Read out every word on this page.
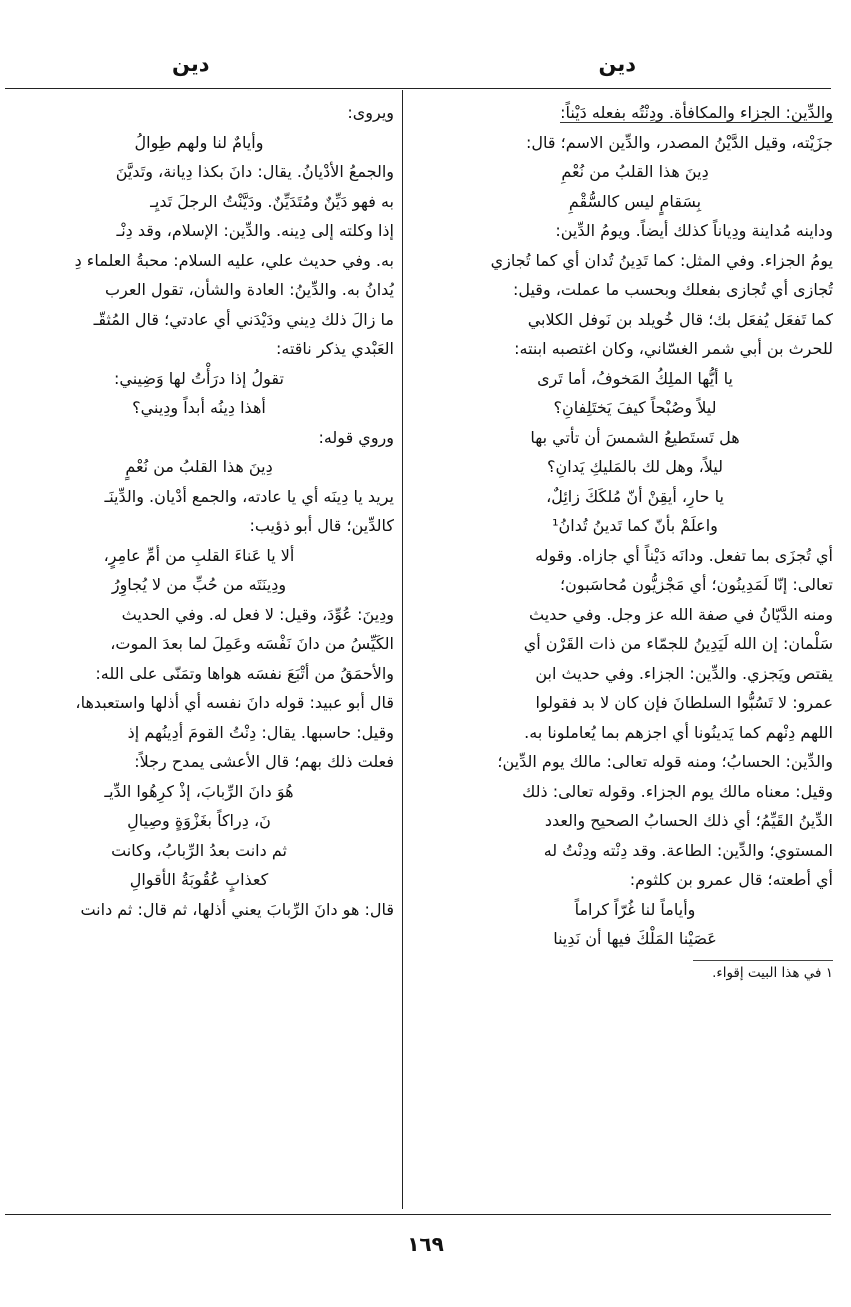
دين
دين

والدِّين: الجزاء والمكافأة. ودِنْتُه بفعله دَيْناً:

جزَيْته، وقيل الدَّيْنُ المصدر، والدِّين الاسم؛ قال:

دِينَ هذا القلبُ من نُعْمِ

بِسَقامٍ ليس كالسُّقْمِ

وداينه مُداينة ودِياناً كذلك أيضاً. ويومُ الدِّين:

يومُ الجزاء. وفي المثل: كما تَدِينُ تُدان أي كما تُجازي

تُجازى أي تُجازى بفعلك وبحسب ما عملت، وقيل:

كما تَفعَل يُفعَل بك؛ قال خُويلد بن نَوفل الكلابي

للحرث بن أبي شمر الغسّاني، وكان اغتصبه ابنته:

يا أيُّها الملِكُ المَخوفُ، أما تَرى

ليلاً وصُبْحاً كيفَ يَختَلِفانِ؟

هل تَستَطيعُ الشمسَ أن تأتي بها

ليلاً، وهل لك بالمَليكِ يَدانِ؟

يا حارِ، أيقِنْ أنّ مُلكَكَ زائِلٌ،

واعلَمْ بأنّ كما تَدينُ تُدانُ¹

أي تُجزَى بما تفعل. ودانَه دَيْناً أي جازاه. وقوله

تعالى: إنّا لَمَدِينُون؛ أي مَجْزيُّون مُحاسَبون؛

ومنه الدَّيّانُ في صفة الله عز وجل. وفي حديث

سَلْمان: إن الله لَيَدِينُ للجمّاء من ذات القَرْن أي

يقتص ويَجزي. والدِّين: الجزاء. وفي حديث ابن

عمرو: لا تَسُبُّوا السلطانَ فإن كان لا بد فقولوا

اللهم دِنْهم كما يَدينُونا أي اجزهم بما يُعاملونا به.

والدِّين: الحسابُ؛ ومنه قوله تعالى: مالك يوم الدِّين؛

وقيل: معناه مالك يوم الجزاء. وقوله تعالى: ذلك

الدِّينُ القَيِّمُ؛ أي ذلك الحسابُ الصحيح والعدد

المستوي؛ والدِّين: الطاعة. وقد دِنْته ودِنْتُ له

أي أطعته؛ قال عمرو بن كلثوم:

وأياماً لنا غُرّاً كراماً

عَصَيْنا المَلْكَ فيها أن نَدِينا

١ في هذا البيت إقواء.

ويروى:

وأيامٌ لنا ولهم طِوالُ

والجمعُ الأدْيانُ. يقال: دانَ بكذا دِيانة، وتَديَّنَ

به فهو دَيِّنٌ ومُتَدَيِّنٌ. ودَيَّنْتُ الرجلَ تَديِـ

إذا وكلته إلى دِينه. والدِّين: الإسلام، وقد دِنْـ

به. وفي حديث علي، عليه السلام: محبةُ العلماء دِ

يُدانُ به. والدِّينُ: العادة والشأن، تقول العرب

ما زالَ ذلك دِيني ودَيْدَني أي عادتي؛ قال المُثقّـ

العَبْدي يذكر ناقته:

تقولُ إذا درَأْتُ لها وَضِيني:

أهذا دِينُه أبداً ودِيني؟

وروي قوله:

دِينَ هذا القلبُ من نُعْمٍ

يريد يا دِينَه أي يا عادته، والجمع أدْيان. والدِّينَـ

كالدِّين؛ قال أبو ذؤيب:

ألا يا عَناءَ القلبِ من أمِّ عامِرٍ،

ودِينَتَه من حُبِّ من لا يُجاوِرُ

ودِينَ: عُوِّدَ، وقيل: لا فعل له. وفي الحديث

الكَيِّسُ من دانَ نَفْسَه وعَمِلَ لما بعدَ الموت،

والأحمَقُ من أتْبَعَ نفسَه هواها وتمَنّى على الله:

قال أبو عبيد: قوله دانَ نفسه أي أذلها واستعبدها،

وقيل: حاسبها. يقال: دِنْتُ القومَ أدِينُهم إذ

فعلت ذلك بهم؛ قال الأعشى يمدح رجلاً:

هُوَ دانَ الرِّبابَ، إذْ كرِهُوا الدِّيـ

نَ، دِراكاً بغَزْوَةٍ وصِيالِ

ثم دانت بعدُ الرِّبابُ، وكانت

كعذابٍ عُقُوبَةُ الأقوالِ

قال: هو دانَ الرِّبابَ يعني أذلها، ثم قال: ثم دانت

١٦٩
